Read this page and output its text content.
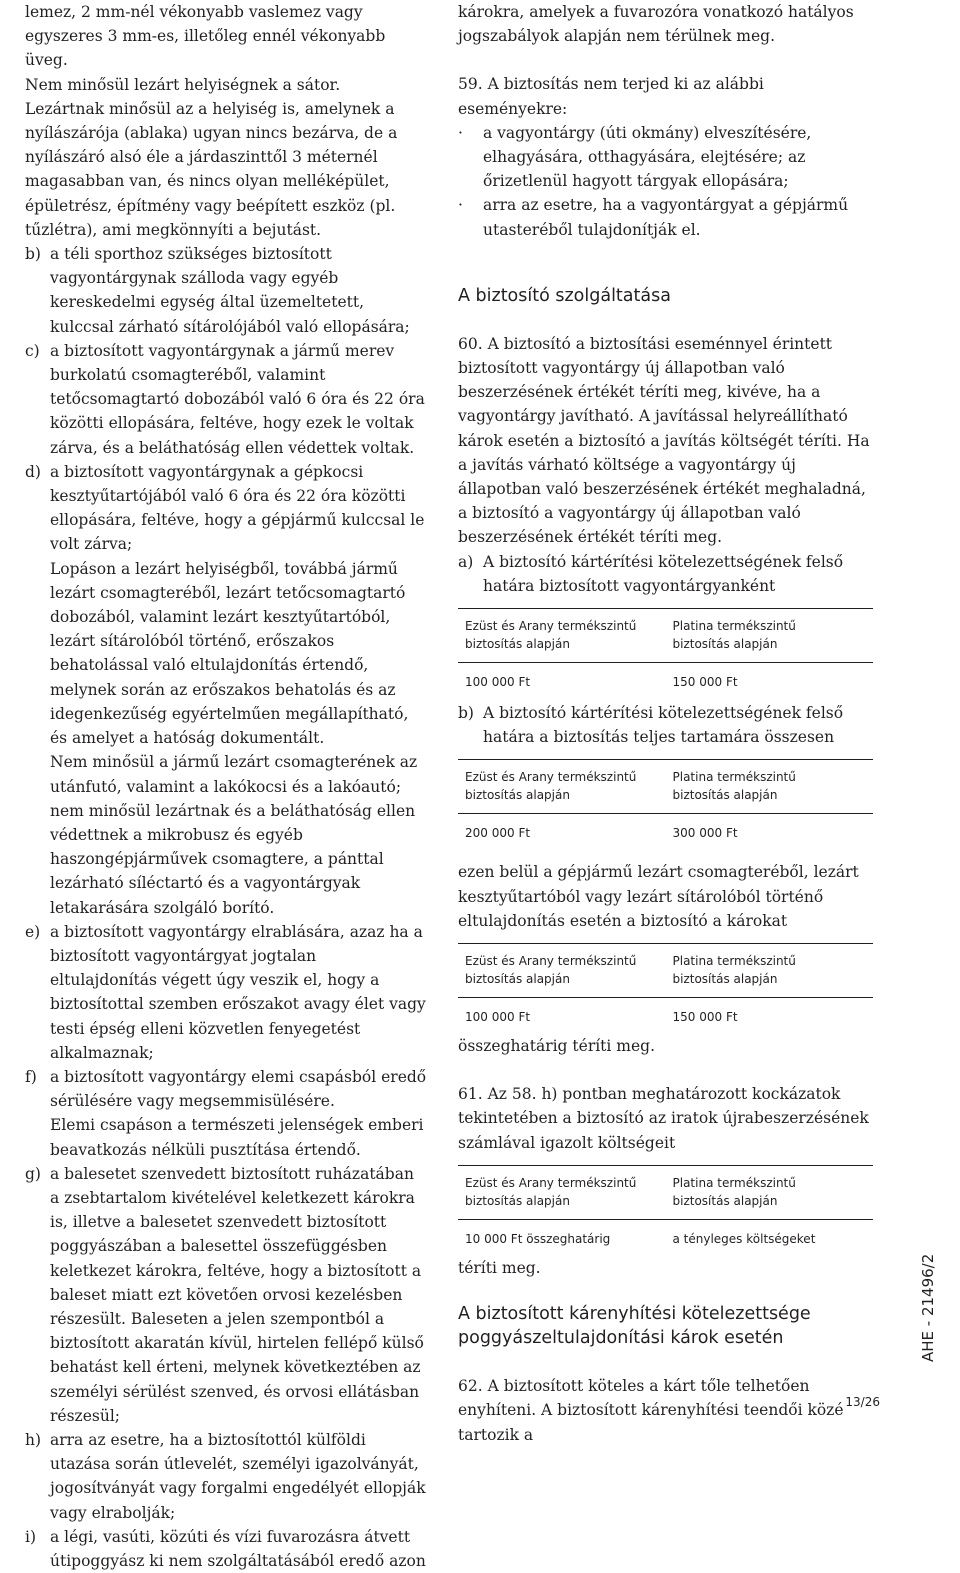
lemez, 2 mm-nél vékonyabb vaslemez vagy egyszeres 3 mm-es, illetőleg ennél vékonyabb üveg.

Nem minősül lezárt helyiségnek a sátor.

Lezártnak minősül az a helyiség is, amelynek a nyílászárója (ablaka) ugyan nincs bezárva, de a nyílászáró alsó éle a járdaszinttől 3 méternél magasabban van, és nincs olyan melléképület, épületrész, építmény vagy beépített eszköz (pl. tűzlétra), ami megkönnyíti a bejutást.

b) a téli sporthoz szükséges biztosított vagyontárgynak szálloda vagy egyéb kereskedelmi egység által üzemeltetett, kulccsal zárható sítárolójából való ellopására;

c) a biztosított vagyontárgynak a jármű merev burkolatú csomagteréből, valamint tetőcsomagtartó dobozából való 6 óra és 22 óra közötti ellopására, feltéve, hogy ezek le voltak zárva, és a beláthatóság ellen védettek voltak.

d) a biztosított vagyontárgynak a gépkocsi kesztyűtartójából való 6 óra és 22 óra közötti ellopására, feltéve, hogy a gépjármű kulccsal le volt zárva;

Lopáson a lezárt helyiségből, továbbá jármű lezárt csomagteréből, lezárt tetőcsomagtartó dobozából, valamint lezárt kesztyűtartóból, lezárt sítárolóból történő, erőszakos behatolással való eltulajdonítás értendő, melynek során az erőszakos behatolás és az idegenkezűség egyértelműen megállapítható, és amelyet a hatóság dokumentált.

Nem minősül a jármű lezárt csomagterének az utánfutó, valamint a lakókocsi és a lakóautó; nem minősül lezártnak és a beláthatóság ellen védettnek a mikrobusz és egyéb haszongépjárművek csomagtere, a pánttal lezárható síléctartó és a vagyontárgyak letakarására szolgáló borító.

e) a biztosított vagyontárgy elrablására, azaz ha a biztosított vagyontárgyat jogtalan eltulajdonítás végett úgy veszik el, hogy a biztosítottal szemben erőszakot avagy élet vagy testi épség elleni közvetlen fenyegetést alkalmaznak;

f) a biztosított vagyontárgy elemi csapásból eredő sérülésére vagy megsemmisülésére.

Elemi csapáson a természeti jelenségek emberi beavatkozás nélküli pusztítása értendő.

g) a balesetet szenvedett biztosított ruházatában a zsebtartalom kivételével keletkezett károkra is, illetve a balesetet szenvedett biztosított poggyászában a balesettel összefüggésben keletkezet károkra, feltéve, hogy a biztosított a baleset miatt ezt követően orvosi kezelésben részesült. Baleseten a jelen szempontból a biztosított akaratán kívül, hirtelen fellépő külső behatást kell érteni, melynek következtében az személyi sérülést szenved, és orvosi ellátásban részesül;

h) arra az esetre, ha a biztosítottól külföldi utazása során útlevelét, személyi igazolványát, jogosítványát vagy forgalmi engedélyét ellopják vagy elrabolják;

i) a légi, vasúti, közúti és vízi fuvarozásra átvett útipoggyász ki nem szolgáltatásából eredő azon

károkra, amelyek a fuvarozóra vonatkozó hatályos jogszabályok alapján nem térülnek meg.

59. A biztosítás nem terjed ki az alábbi eseményekre:

· a vagyontárgy (úti okmány) elveszítésére, elhagyására, otthagyására, elejtésére; az őrizetlenül hagyott tárgyak ellopására;
· arra az esetre, ha a vagyontárgyat a gépjármű utasteréből tulajdonítják el.
A biztosító szolgáltatása

60. A biztosító a biztosítási eseménnyel érintett biztosított vagyontárgy új állapotban való beszerzésének értékét téríti meg, kivéve, ha a vagyontárgy javítható. A javítással helyreállítható károk esetén a biztosító a javítás költségét téríti. Ha a javítás várható költsége a vagyontárgy új állapotban való beszerzésének értékét meghaladná, a biztosító a vagyontárgy új állapotban való beszerzésének értékét téríti meg.

a) A biztosító kártérítési kötelezettségének felső határa biztosított vagyontárgyanként

Ezüst és Arany termékszintű
biztosítás alapján	Platina termékszintű
biztosítás alapján
100 000 Ft	150 000 Ft
b) A biztosító kártérítési kötelezettségének felső határa a biztosítás teljes tartamára összesen

Ezüst és Arany termékszintű
biztosítás alapján	Platina termékszintű
biztosítás alapján
200 000 Ft	300 000 Ft

ezen belül a gépjármű lezárt csomagteréből, lezárt kesztyűtartóból vagy lezárt sítárolóból történő eltulajdonítás esetén a biztosító a károkat

Ezüst és Arany termékszintű
biztosítás alapján	Platina termékszintű
biztosítás alapján
100 000 Ft	150 000 Ft

összeghatárig téríti meg.

61. Az 58. h) pontban meghatározott kockázatok tekintetében a biztosító az iratok újrabeszerzésének számlával igazolt költségeit

Ezüst és Arany termékszintű
biztosítás alapján	Platina termékszintű
biztosítás alapján
10 000 Ft összeghatárig	a tényleges költségeket

téríti meg.

A biztosított kárenyhítési kötelezettsége
poggyászeltulajdonítási károk esetén

62. A biztosított köteles a kárt tőle telhetően enyhíteni. A biztosított kárenyhítési teendői közé tartozik a

AHE - 21496/2
13/26
